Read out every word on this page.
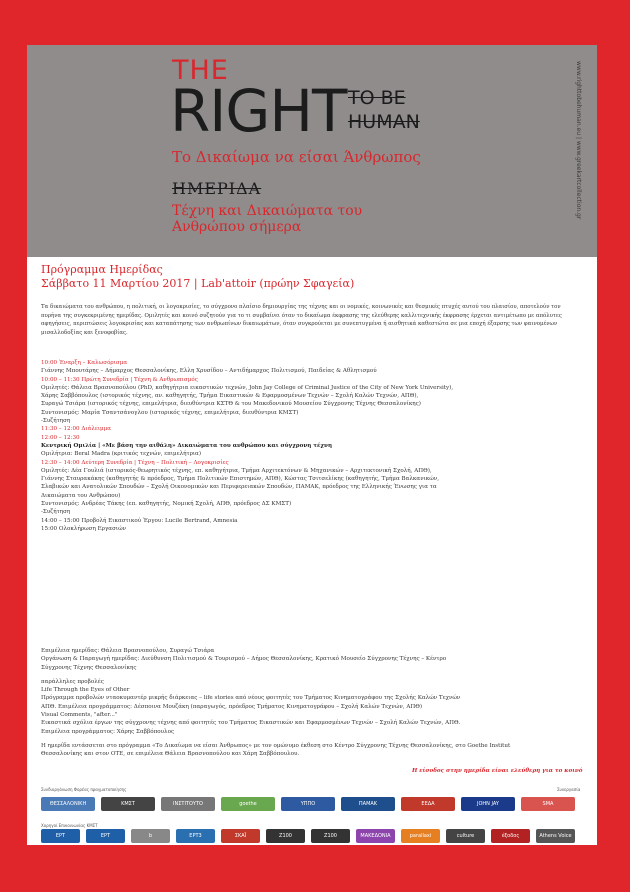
THE
RIGHT TO BE
HUMAN
Το Δικαίωμα να είσαι Άνθρωπος
ΗΜΕΡΙΔΑ
Τέχνη και Δικαιώματα του Ανθρώπου σήμερα
www.righttobehuman.eu | www.greekartcollection.gr
Πρόγραμμα Ημερίδας
Σάββατο 11 Μαρτίου 2017 | Lab'attoir (πρώην Σφαγεία)
Τα δικαιώματα του ανθρώπου, η πολιτική, οι λογοκρισίες, το σύγχρονο πλαίσιο δημιουργίας της τέχνης και οι νομικές, κοινωνικές και θεσμικές πτυχές αυτού του πλαισίου, αποτελούν τον πυρήνα της συγκεκριμένης ημερίδας. Ομιλητές και κοινό συζητούν για το τι συμβαίνει όταν το δικαίωμα έκφρασης της ελεύθερης καλλιτεχνικής έκφρασης έρχεται αντιμέτωπο με απόλυτες αφηγήσεις, περιπτώσεις λογοκρισίας και καταπάτησης των ανθρωπίνων δικαιωμάτων, όταν συγκρούεται με συνεπτυγμένα ή αισθητικά καθεστώτα σε μια εποχή έξαρσης των φαινομένων μισαλλοδοξίας και ξενοφοβίας.
10:00 Έναρξη – Καλωσόρισμα
Γιάννης Μπουτάρης – Δήμαρχος Θεσσαλονίκης, Ελλη Χρυσίδου – Αντιδήμαρχος Πολιτισμού, Παιδείας & Αθλητισμού
10:00 – 11:30 Πρώτη Συνεδρία | Τέχνη & Ανθρωπισμός
Ομιλητές: Θάλεια Βρασνοπούλου (PhD, καθηγήτρια εικαστικών τεχνών, John Jay College of Criminal Justice of the City of New York University),
Χάρης Σαββόπουλος (ιστορικός τέχνης, αν. καθηγητής, Τμήμα Εικαστικών & Εφαρμοσμένων Τεχνών – Σχολή Καλών Τεχνών, ΑΠΘ),
Συραγώ Τσιάρα (ιστορικός τέχνης, επιμελήτρια, διευθύντρια ΚΣΤΘ & του Μακεδονικού Μουσείου Σύγχρονης Τέχνης Θεσσαλονίκης)
Συντονισμός: Μαρία Τσαντσάνογλου (ιστορικός τέχνης, επιμελήτρια, διευθύντρια ΚΜΣΤ)
-Συζήτηση
11:30 – 12:00 Διάλειμμα
12:00 – 12:30
Κεντρική Ομιλία | «Με βάση την αιθάλη» Δικαιώματα του ανθρώπου και σύγχρονη τέχνη
Ομιλήτρια: Beral Madra (κριτικός τεχνών, επιμελήτρια)
12:30 – 14:00 Δεύτερη Συνεδρία | Τέχνη – Πολιτική – Λογοκρισίες
Ομιλητές: Δέα Γουλιά (ιστορικός-θεωρητικός τέχνης, επ. καθηγήτρια, Τμήμα Αρχιτεκτόνων & Μηχανικών – Αρχιτεκτονική Σχολή, ΑΠΘ),
Γιάννης Σταυρακάκης (καθηγητής & πρόεδρος, Τμήμα Πολιτικών Επιστημών, ΑΠΘ), Κώστας Τσιτσελίκης (καθηγητής, Τμήμα Βαλκανικών,
Σλαβικών και Ανατολικών Σπουδών – Σχολή Οικονομικών και Περιφερειακών Σπουδών, ΠΑΜΑΚ, πρόεδρος της Ελληνικής Ένωσης για τα
Δικαιώματα του Ανθρώπου)
Συντονισμός: Ανδρέας Τάκης (επ. καθηγητής, Νομική Σχολή, ΑΠΘ, πρόεδρος ΔΣ ΚΜΣΤ)
-Συζήτηση
14:00 – 15:00 Προβολή Εικαστικού Έργου: Lucile Bertrand, Amnesia
15:00 Ολοκλήρωση Εργασιών
Επιμέλεια ημερίδας: Θάλεια Βρασνοπούλου, Συραγώ Τσιάρα
Οργάνωση & Παραγωγή ημερίδας: Διεύθυνση Πολιτισμού & Τουρισμού – Δήμος Θεσσαλονίκης, Κρατικό Μουσείο Σύγχρονης Τέχνης – Κέντρο
Σύγχρονης Τέχνης Θεσσαλονίκης
παράλληλες προβολές
Life Through the Eyes of Other
Πρόγραμμα προβολών νταοκυμαντέρ μικρής διάρκειας – life stories από νέους φοιτητές του Τμήματος Κινηματογράφου της Σχολής Καλών Τεχνών
ΑΠΘ. Επιμέλεια προγράμματος: Δέσποινα Μουζάκη (παραγωγός, πρόεδρος Τμήματος Κινηματογράφου – Σχολή Καλών Τεχνών, ΑΠΘ)
Visual Comments, "after..."
Εικαστικά σχόλια έργων της σύγχρονης τέχνης από φοιτητές του Τμήματος Εικαστικών και Εφαρμοσμένων Τεχνών – Σχολή Καλών Τεχνών, ΑΠΘ.
Επιμέλεια προγράμματος: Χάρης Σαββόπουλος
Η ημερίδα εντάσσεται στο πρόγραμμα «Το Δικαίωμα να είσαι Άνθρωπος» με τον ομώνυμο έκθεση στο Κέντρο Σύγχρονης Τέχνης Θεσσαλονίκης, στο Goethe Institut
Θεσσαλονίκης και στον ΟΤΕ, σε επιμέλεια Θάλεια Βρασνοπούλου και Χάρη Σαββόπουλου.
Η είσοδος στην ημερίδα είναι ελεύθερη για το κοινό
Συνδιοργάνωση Φορέας πραγματοποίησης
Χορηγοί Επικοινωνίας ΚΜΣΤ
Συνεργασία
ΘΕΣΣΑΛΟΝΙΚΗ	ΚΜΣΤ	ΙΝΣΤΙΤΟΥΤΟ	goethe	ΥΠΠΟ	ΠΑΜΑΚ	ΕΕΔΑ	JOHN JAY	SMA
ΕΡΤ	ΕΡΤ	b	ΕΡΤ3	ΣΚΑΪ	Ζ100	Ζ100	ΜΑΚΕΔΟΝΙΑ	parallaxi	culture	έξοδος	Athens Voice
